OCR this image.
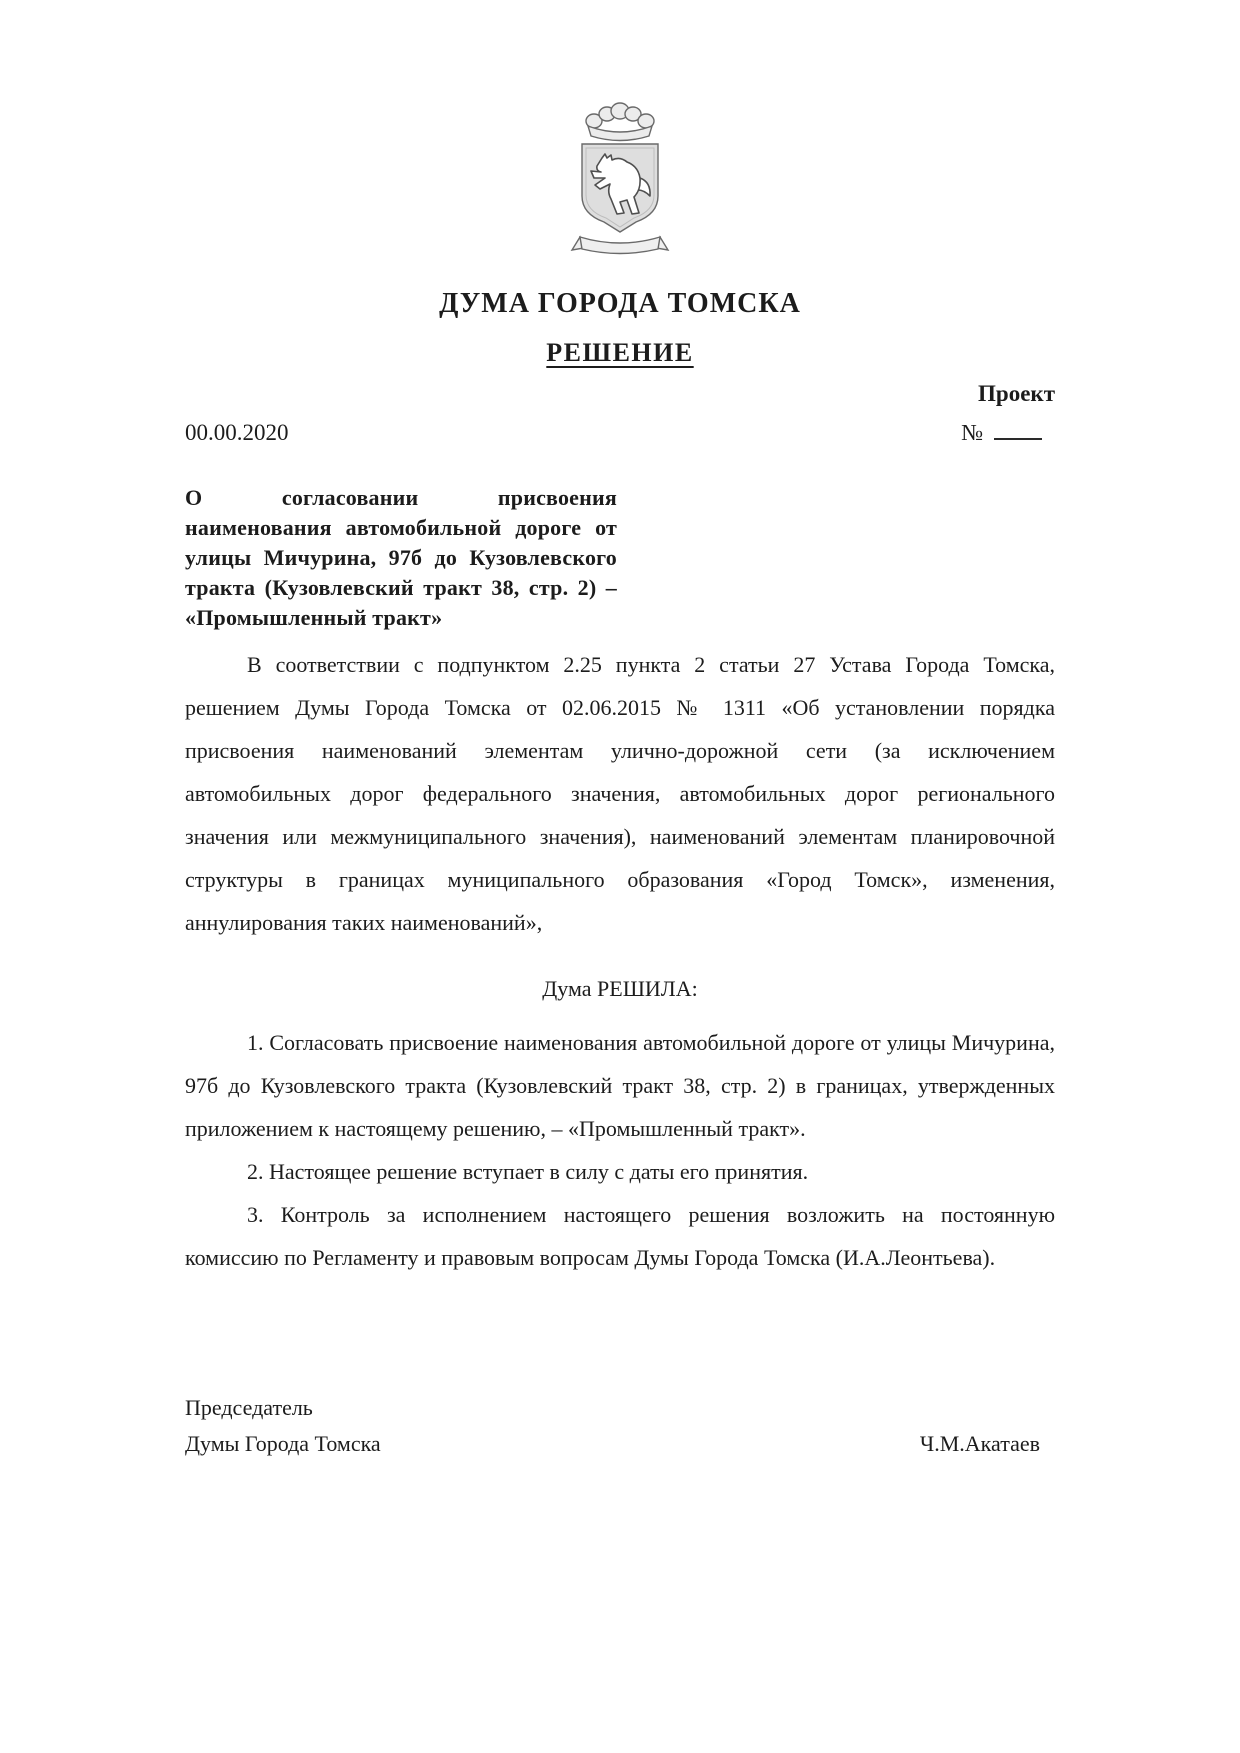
ДУМА ГОРОДА ТОМСКА
РЕШЕНИЕ
Проект
00.00.2020	№

О согласовании присвоения наименования автомобильной дороге от улицы Мичурина, 97б до Кузовлевского тракта (Кузовлевский тракт 38, стр. 2) – «Промышленный тракт»

В соответствии с подпунктом 2.25 пункта 2 статьи 27 Устава Города Томска, решением Думы Города Томска от 02.06.2015 № 1311 «Об установлении порядка присвоения наименований элементам улично-дорожной сети (за исключением автомобильных дорог федерального значения, автомобильных дорог регионального значения или межмуниципального значения), наименований элементам планировочной структуры в границах муниципального образования «Город Томск», изменения, аннулирования таких наименований»,

Дума РЕШИЛА:

1. Согласовать присвоение наименования автомобильной дороге от улицы Мичурина, 97б до Кузовлевского тракта (Кузовлевский тракт 38, стр. 2) в границах, утвержденных приложением к настоящему решению, – «Промышленный тракт».

2. Настоящее решение вступает в силу с даты его принятия.

3. Контроль за исполнением настоящего решения возложить на постоянную комиссию по Регламенту и правовым вопросам Думы Города Томска (И.А.Леонтьева).

Председатель
Думы Города Томска	Ч.М.Акатаев
